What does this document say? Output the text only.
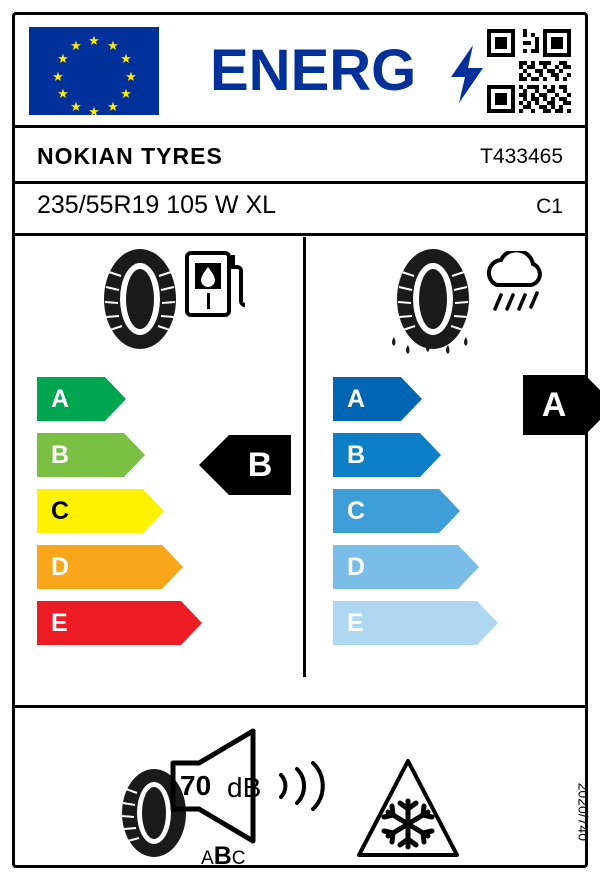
★ ★
★
★
★
★
★
★
★
★
★
★ ENERG
NOKIAN TYRES	T433465
235/55R19 105 W XL	C1
A
B
C
D
E
B
A
B
C
D
E
A
70 dB
ABC
2020/740
